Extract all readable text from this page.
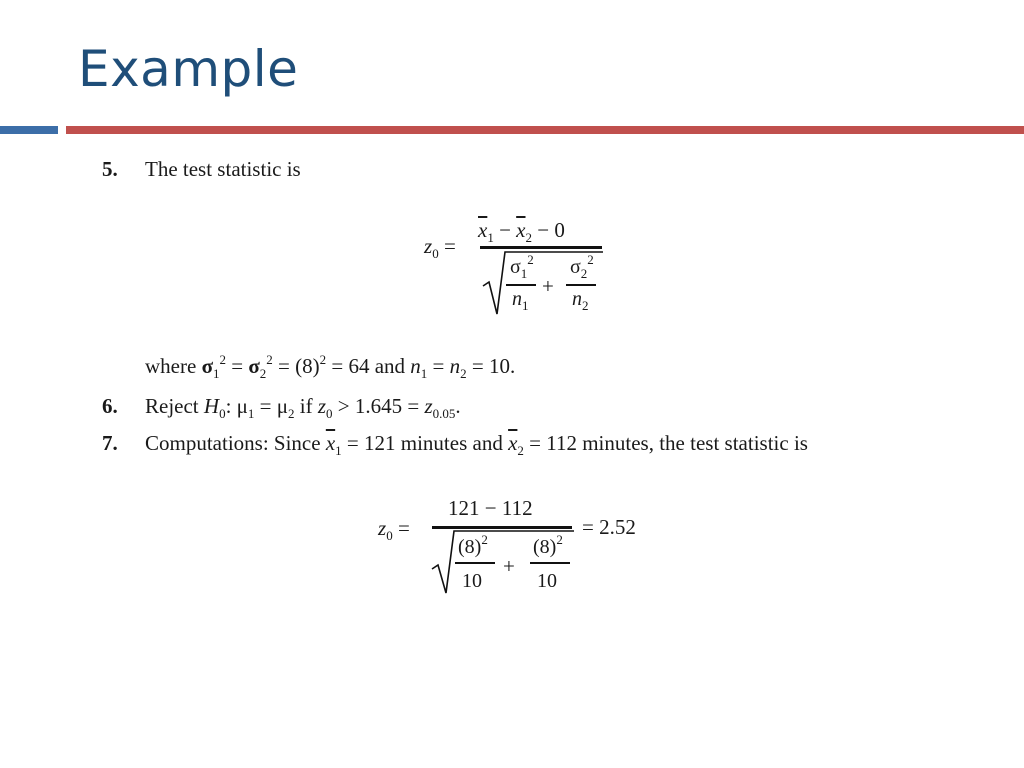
Example
5. The test statistic is
$z_0$ =
$\overline{x}_1 - \overline{x}_2 - 0$
$\sigma_1^2$
$n_1$
+
$\sigma_2^2$
$n_2$
where $\sigma_1^2 = \sigma_2^2 = (8)^2 = 64$ and $n_1 = n_2 = 10$.
6. Reject $H_0$: $\mu_1 = \mu_2$ if $z_0 > 1.645 = z_{0.05}$.
7. Computations: Since $\overline{x}_1 = 121$ minutes and $\overline{x}_2 = 112$ minutes, the test statistic is
$z_0$ =
121 − 112
$(8)^2$
10
+
$(8)^2$
10
= 2.52
